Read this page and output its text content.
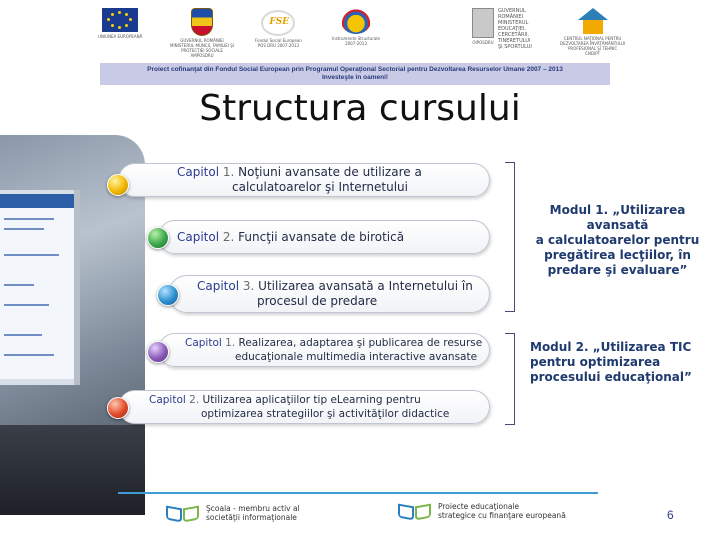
UNIUNEA EUROPEANĂ
GUVERNUL ROMÂNIEI
MINISTERUL MUNCII, FAMILIEI ŞI
PROTECŢIEI SOCIALE
AMPOSDRU
FSE
Fondul Social European
POS DRU 2007-2013
Instrumente Structurale
2007-2013	OIPOSDRU
GUVERNUL
ROMÂNIEI
MINISTERUL
EDUCAŢIEI,
CERCETĂRII,
TINERETULUI
ŞI SPORTULUI
CENTRUL NAŢIONAL PENTRU
DEZVOLTAREA ÎNVĂŢĂMÂNTULUI
PROFESIONAL ŞI TEHNIC
CNDIPT
Proiect cofinanţat din Fondul Social European prin Programul Operaţional Sectorial pentru Dezvoltarea Resurselor Umane 2007 – 2013
Investeşte în oameni!
Structura cursului
Capitol 1. Noţiuni avansate de utilizare a
calculatoarelor şi Internetului
Capitol 2. Funcţii avansate de birotică
Capitol 3. Utilizarea avansată a Internetului în
procesul de predare
Capitol 1. Realizarea, adaptarea şi publicarea de resurse
educaţionale multimedia interactive avansate
Capitol 2. Utilizarea aplicaţiilor tip eLearning pentru
optimizarea strategiilor şi activităţilor didactice
Modul 1. „Utilizarea avansată
a calculatoarelor pentru
pregătirea lecţiilor, în
predare şi evaluare”
Modul 2. „Utilizarea TIC
pentru optimizarea
procesului educaţional”
Şcoala - membru activ al
societăţii informaţionale
Proiecte educaţionale
strategice cu finanţare europeană	6
